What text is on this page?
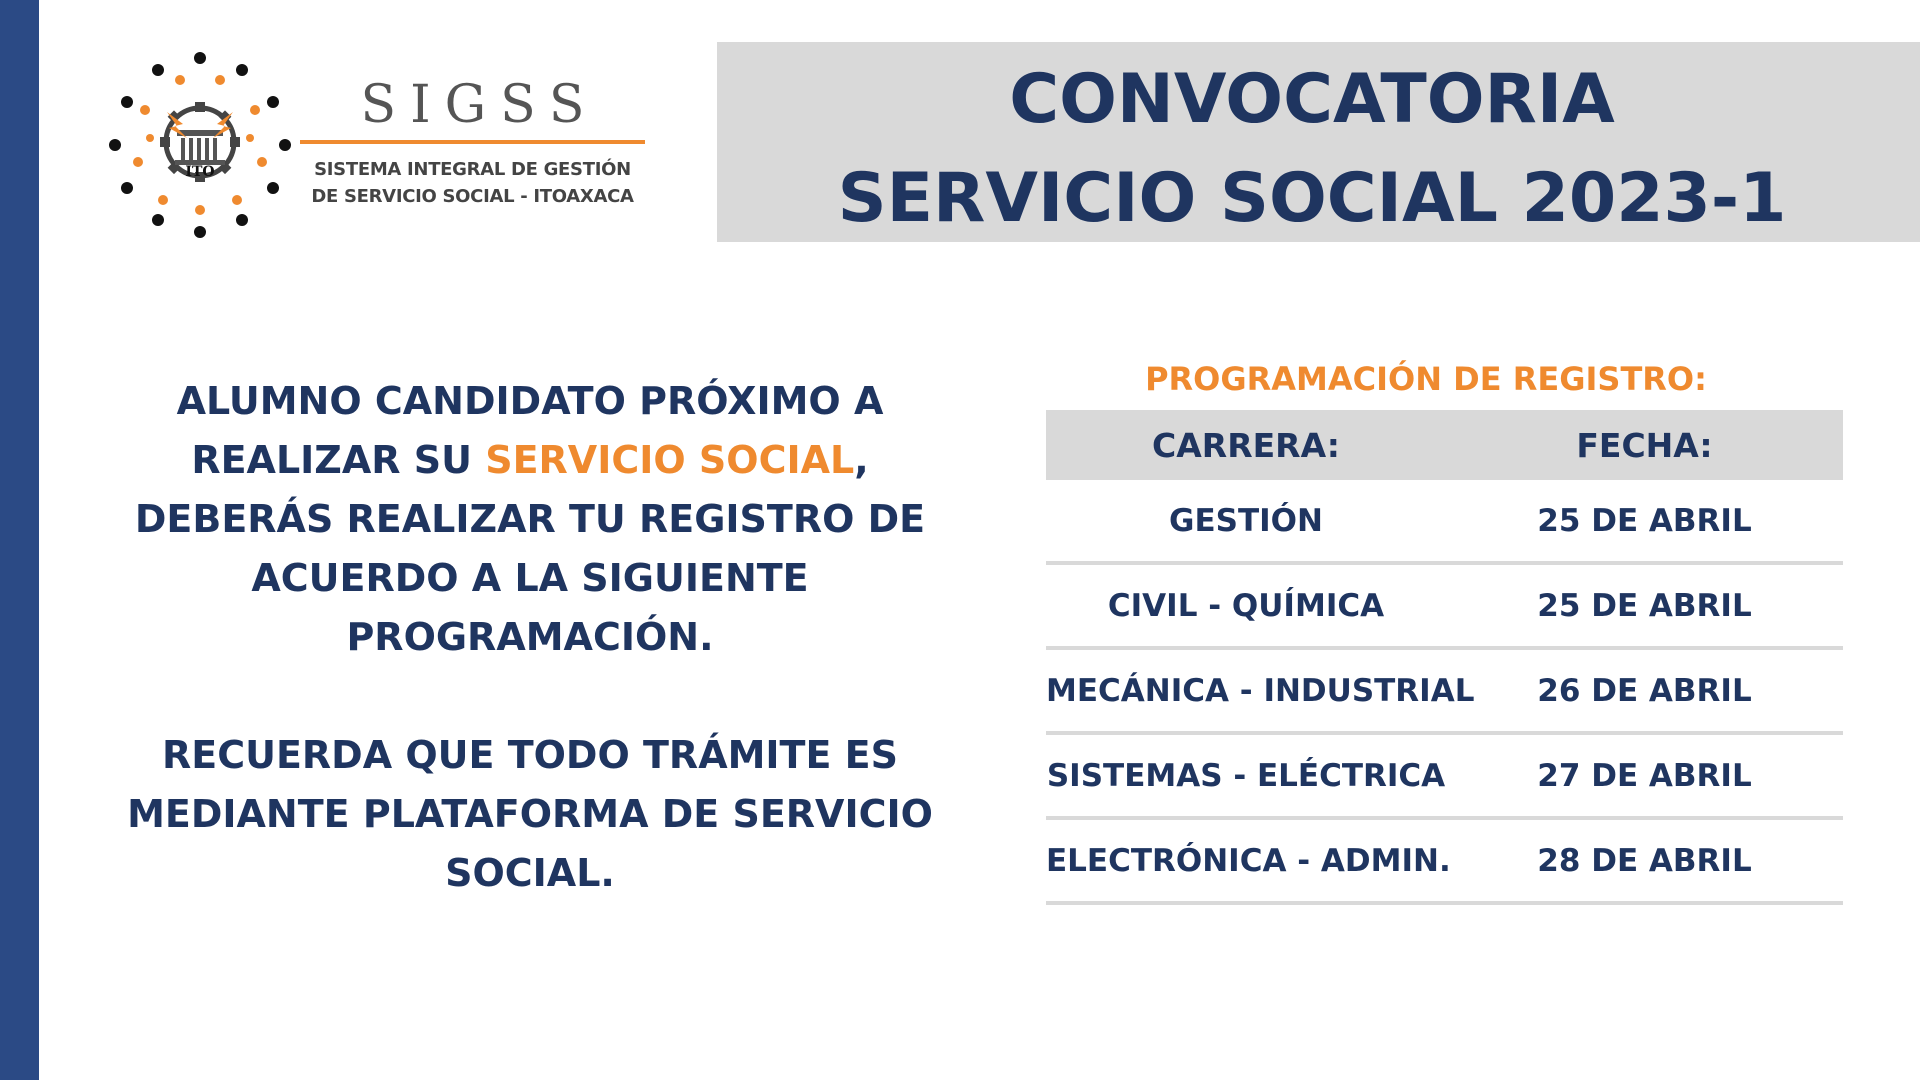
ITO
SIGSS
SISTEMA INTEGRAL DE GESTIÓN
DE SERVICIO SOCIAL - ITOAXACA
CONVOCATORIA
SERVICIO SOCIAL 2023-1

ALUMNO CANDIDATO PRÓXIMO A REALIZAR SU SERVICIO SOCIAL, DEBERÁS REALIZAR TU REGISTRO DE ACUERDO A LA SIGUIENTE PROGRAMACIÓN.

RECUERDA QUE TODO TRÁMITE ES MEDIANTE PLATAFORMA DE SERVICIO SOCIAL.

PROGRAMACIÓN DE REGISTRO:
CARRERA:	FECHA:
GESTIÓN	25 DE ABRIL
CIVIL - QUÍMICA	25 DE ABRIL
MECÁNICA - INDUSTRIAL	26 DE ABRIL
SISTEMAS - ELÉCTRICA	27 DE ABRIL
ELECTRÓNICA - ADMIN.	28 DE ABRIL
